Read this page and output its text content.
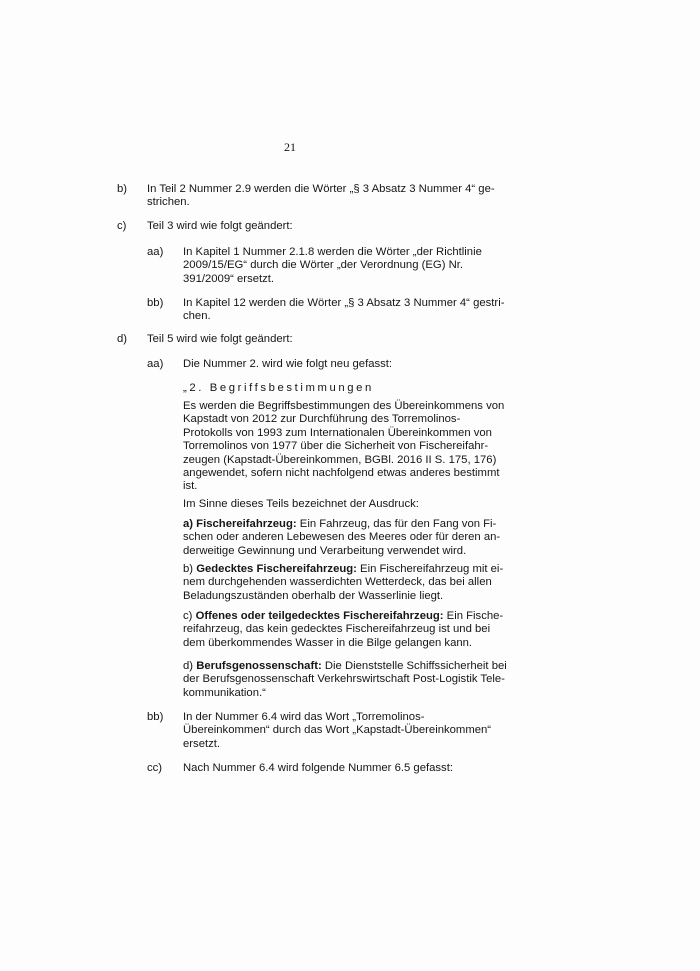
21
b) In Teil 2 Nummer 2.9 werden die Wörter „§ 3 Absatz 3 Nummer 4“ ge-
strichen.
c) Teil 3 wird wie folgt geändert:
aa) In Kapitel 1 Nummer 2.1.8 werden die Wörter „der Richtlinie
2009/15/EG“ durch die Wörter „der Verordnung (EG) Nr.
391/2009“ ersetzt.
bb) In Kapitel 12 werden die Wörter „§ 3 Absatz 3 Nummer 4“ gestri-
chen.
d) Teil 5 wird wie folgt geändert:
aa) Die Nummer 2. wird wie folgt neu gefasst:
„2. Begriffsbestimmungen
Es werden die Begriffsbestimmungen des Übereinkommens von
Kapstadt von 2012 zur Durchführung des Torremolinos-
Protokolls von 1993 zum Internationalen Übereinkommen von
Torremolinos von 1977 über die Sicherheit von Fischereifahr-
zeugen (Kapstadt-Übereinkommen, BGBl. 2016 II S. 175, 176)
angewendet, sofern nicht nachfolgend etwas anderes bestimmt
ist.
Im Sinne dieses Teils bezeichnet der Ausdruck:
a) Fischereifahrzeug: Ein Fahrzeug, das für den Fang von Fi-
schen oder anderen Lebewesen des Meeres oder für deren an-
derweitige Gewinnung und Verarbeitung verwendet wird.
b) Gedecktes Fischereifahrzeug: Ein Fischereifahrzeug mit ei-
nem durchgehenden wasserdichten Wetterdeck, das bei allen
Beladungszuständen oberhalb der Wasserlinie liegt.
c) Offenes oder teilgedecktes Fischereifahrzeug: Ein Fische-
reifahrzeug, das kein gedecktes Fischereifahrzeug ist und bei
dem überkommendes Wasser in die Bilge gelangen kann.
d) Berufsgenossenschaft: Die Dienststelle Schiffssicherheit bei
der Berufsgenossenschaft Verkehrswirtschaft Post-Logistik Tele-
kommunikation.“
bb) In der Nummer 6.4 wird das Wort „Torremolinos-
Übereinkommen“ durch das Wort „Kapstadt-Übereinkommen“
ersetzt.
cc) Nach Nummer 6.4 wird folgende Nummer 6.5 gefasst:
